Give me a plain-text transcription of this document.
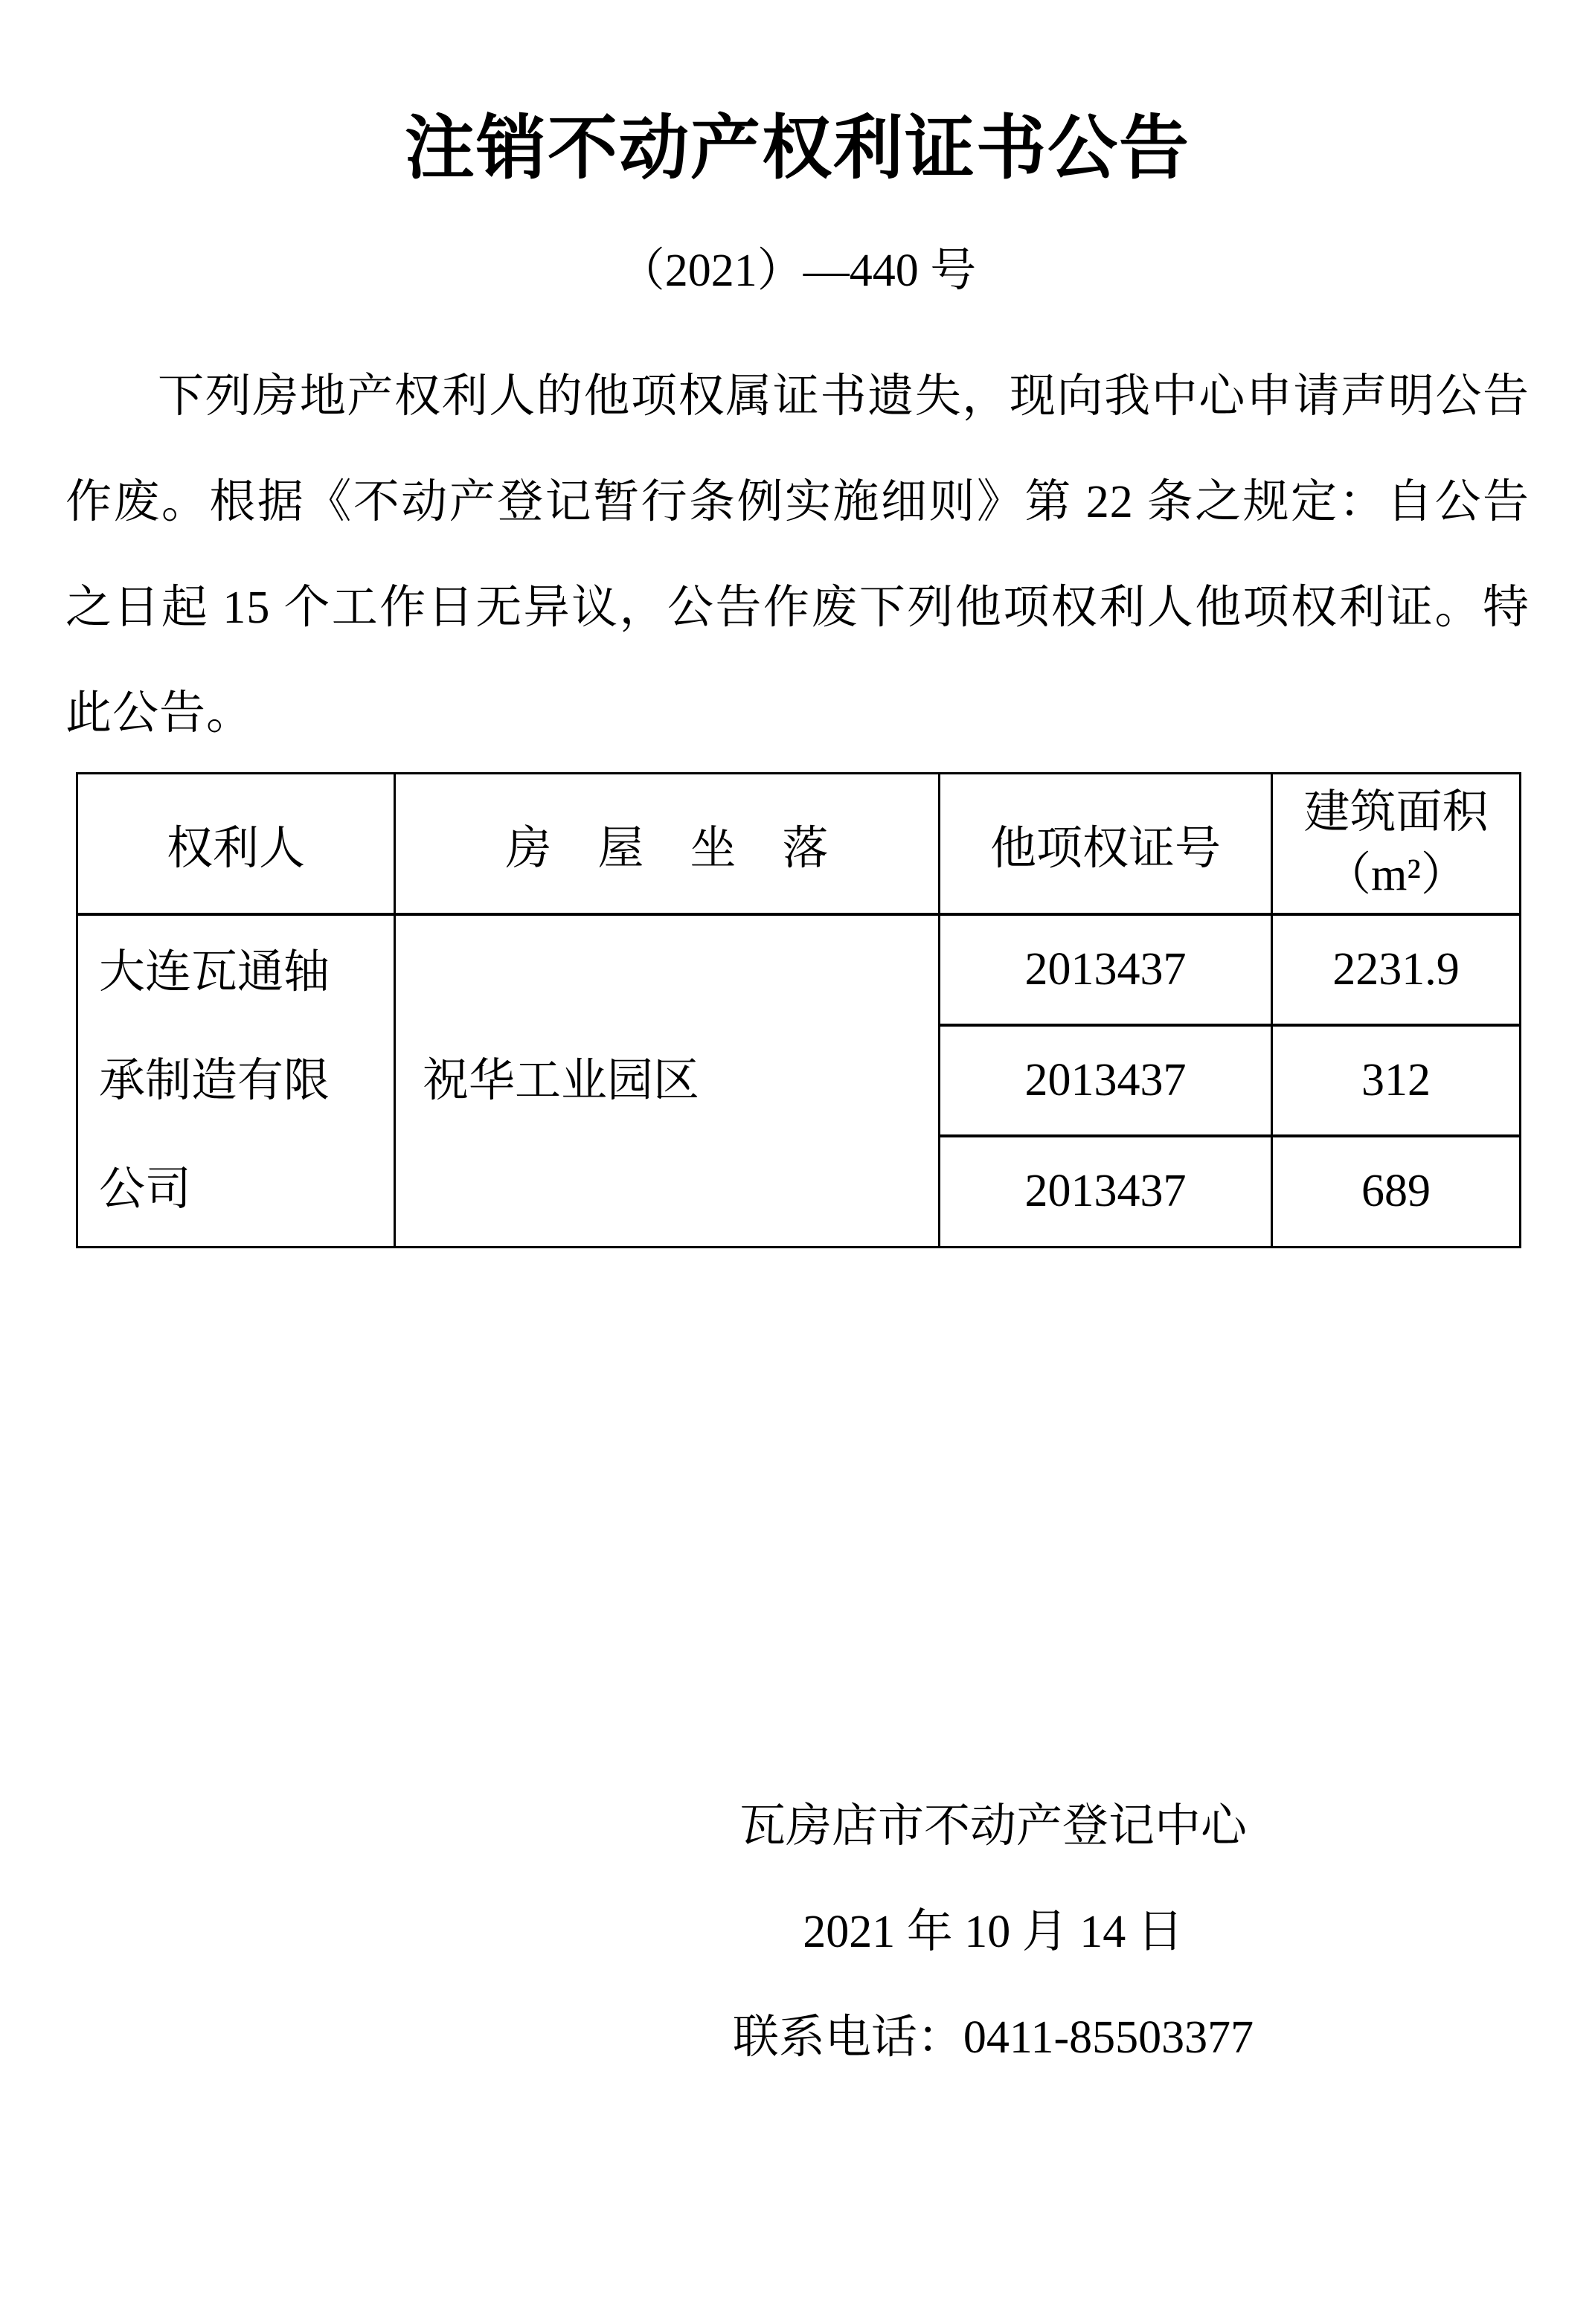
注销不动产权利证书公告
（2021）—440 号

下列房地产权利人的他项权属证书遗失，现向我中心申请声明公告作废。根据《不动产登记暂行条例实施细则》第 22 条之规定：自公告之日起 15 个工作日无异议，公告作废下列他项权利人他项权利证。特此公告。

权利人	房　屋　坐　落	他项权证号	建筑面积
（m²）

大连瓦通轴承制造有限公司	祝华工业园区	2013437	2231.9
		2013437	312
		2013437	689
瓦房店市不动产登记中心
2021 年 10 月 14 日
联系电话：0411-85503377
